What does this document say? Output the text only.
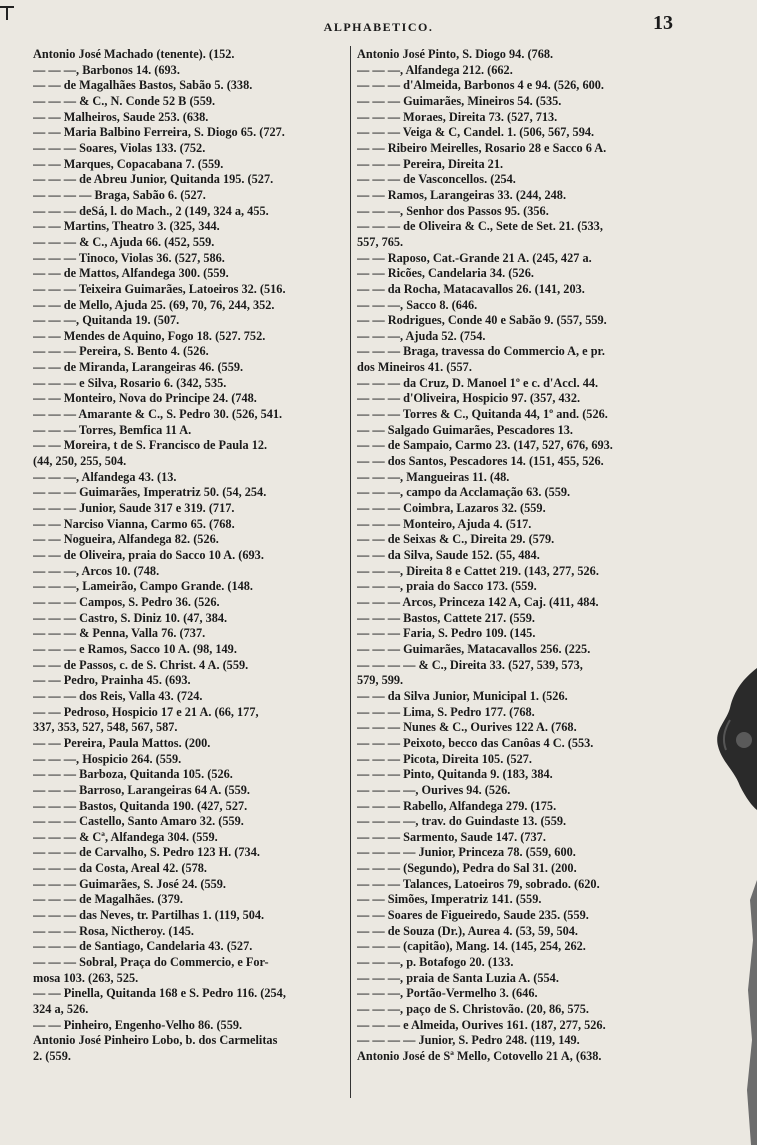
ALPHABETICO.	13
Antonio José Machado (tenente). (152.
— — —, Barbonos 14. (693.
— — de Magalhães Bastos, Sabão 5. (338.
— — — & C., N. Conde 52 B (559.
— — Malheiros, Saude 253. (638.
— — Maria Balbino Ferreira, S. Diogo 65. (727.
— — — Soares, Violas 133. (752.
— — Marques, Copacabana 7. (559.
— — — de Abreu Junior, Quitanda 195. (527.
— — — — Braga, Sabão 6. (527.
— — — deSá, l. do Mach., 2 (149, 324 a, 455.
— — Martins, Theatro 3. (325, 344.
— — — & C., Ajuda 66. (452, 559.
— — — Tinoco, Violas 36. (527, 586.
— — de Mattos, Alfandega 300. (559.
— — — Teixeira Guimarães, Latoeiros 32. (516.
— — de Mello, Ajuda 25. (69, 70, 76, 244, 352.
— — —, Quitanda 19. (507.
— — Mendes de Aquino, Fogo 18. (527. 752.
— — — Pereira, S. Bento 4. (526.
— — de Miranda, Larangeiras 46. (559.
— — — e Silva, Rosario 6. (342, 535.
— — Monteiro, Nova do Principe 24. (748.
— — — Amarante & C., S. Pedro 30. (526, 541.
— — — Torres, Bemfica 11 A.
— — Moreira, t de S. Francisco de Paula 12.
(44, 250, 255, 504.
— — —, Alfandega 43. (13.
— — — Guimarães, Imperatriz 50. (54, 254.
— — — Junior, Saude 317 e 319. (717.
— — Narciso Vianna, Carmo 65. (768.
— — Nogueira, Alfandega 82. (526.
— — de Oliveira, praia do Sacco 10 A. (693.
— — —, Arcos 10. (748.
— — —, Lameirão, Campo Grande. (148.
— — — Campos, S. Pedro 36. (526.
— — — Castro, S. Diniz 10. (47, 384.
— — — & Penna, Valla 76. (737.
— — — e Ramos, Sacco 10 A. (98, 149.
— — de Passos, c. de S. Christ. 4 A. (559.
— — Pedro, Prainha 45. (693.
— — — dos Reis, Valla 43. (724.
— — Pedroso, Hospicio 17 e 21 A. (66, 177,
337, 353, 527, 548, 567, 587.
— — Pereira, Paula Mattos. (200.
— — —, Hospicio 264. (559.
— — — Barboza, Quitanda 105. (526.
— — — Barroso, Larangeiras 64 A. (559.
— — — Bastos, Quitanda 190. (427, 527.
— — — Castello, Santo Amaro 32. (559.
— — — & Cª, Alfandega 304. (559.
— — — de Carvalho, S. Pedro 123 H. (734.
— — — da Costa, Areal 42. (578.
— — — Guimarães, S. José 24. (559.
— — — de Magalhães. (379.
— — — das Neves, tr. Partilhas 1. (119, 504.
— — — Rosa, Nictheroy. (145.
— — — de Santiago, Candelaria 43. (527.
— — — Sobral, Praça do Commercio, e For-
mosa 103. (263, 525.
— — Pinella, Quitanda 168 e S. Pedro 116. (254,
324 a, 526.
— — Pinheiro, Engenho-Velho 86. (559.
Antonio José Pinheiro Lobo, b. dos Carmelitas
2. (559.
Antonio José Pinto, S. Diogo 94. (768.
— — —, Alfandega 212. (662.
— — — d'Almeida, Barbonos 4 e 94. (526, 600.
— — — Guimarães, Mineiros 54. (535.
— — — Moraes, Direita 73. (527, 713.
— — — Veiga & C, Candel. 1. (506, 567, 594.
— — Ribeiro Meirelles, Rosario 28 e Sacco 6 A.
— — — Pereira, Direita 21.
— — — de Vasconcellos. (254.
— — Ramos, Larangeiras 33. (244, 248.
— — —, Senhor dos Passos 95. (356.
— — — de Oliveira & C., Sete de Set. 21. (533,
557, 765.
— — Raposo, Cat.-Grande 21 A. (245, 427 a.
— — Ricões, Candelaria 34. (526.
— — da Rocha, Matacavallos 26. (141, 203.
— — —, Sacco 8. (646.
— — Rodrigues, Conde 40 e Sabão 9. (557, 559.
— — —, Ajuda 52. (754.
— — — Braga, travessa do Commercio A, e pr.
dos Mineiros 41. (557.
— — — da Cruz, D. Manoel 1º e c. d'Accl. 44.
— — — d'Oliveira, Hospicio 97. (357, 432.
— — — Torres & C., Quitanda 44, 1º and. (526.
— — Salgado Guimarães, Pescadores 13.
— — de Sampaio, Carmo 23. (147, 527, 676, 693.
— — dos Santos, Pescadores 14. (151, 455, 526.
— — —, Mangueiras 11. (48.
— — —, campo da Acclamação 63. (559.
— — — Coimbra, Lazaros 32. (559.
— — — Monteiro, Ajuda 4. (517.
— — de Seixas & C., Direita 29. (579.
— — da Silva, Saude 152. (55, 484.
— — —, Direita 8 e Cattet 219. (143, 277, 526.
— — —, praia do Sacco 173. (559.
— — — Arcos, Princeza 142 A, Caj. (411, 484.
— — — Bastos, Cattete 217. (559.
— — — Faria, S. Pedro 109. (145.
— — — Guimarães, Matacavallos 256. (225.
— — — — & C., Direita 33. (527, 539, 573,
579, 599.
— — da Silva Junior, Municipal 1. (526.
— — — Lima, S. Pedro 177. (768.
— — — Nunes & C., Ourives 122 A. (768.
— — — Peixoto, becco das Canôas 4 C. (553.
— — — Picota, Direita 105. (527.
— — — Pinto, Quitanda 9. (183, 384.
— — — —, Ourives 94. (526.
— — — Rabello, Alfandega 279. (175.
— — — —, trav. do Guindaste 13. (559.
— — — Sarmento, Saude 147. (737.
— — — — Junior, Princeza 78. (559, 600.
— — — (Segundo), Pedra do Sal 31. (200.
— — — Talances, Latoeiros 79, sobrado. (620.
— — Simões, Imperatriz 141. (559.
— — Soares de Figueiredo, Saude 235. (559.
— — de Souza (Dr.), Aurea 4. (53, 59, 504.
— — — (capitão), Mang. 14. (145, 254, 262.
— — —, p. Botafogo 20. (133.
— — —, praia de Santa Luzia A. (554.
— — —, Portão-Vermelho 3. (646.
— — —, paço de S. Christovão. (20, 86, 575.
— — — e Almeida, Ourives 161. (187, 277, 526.
— — — — Junior, S. Pedro 248. (119, 149.
Antonio José de Sª Mello, Cotovello 21 A, (638.
